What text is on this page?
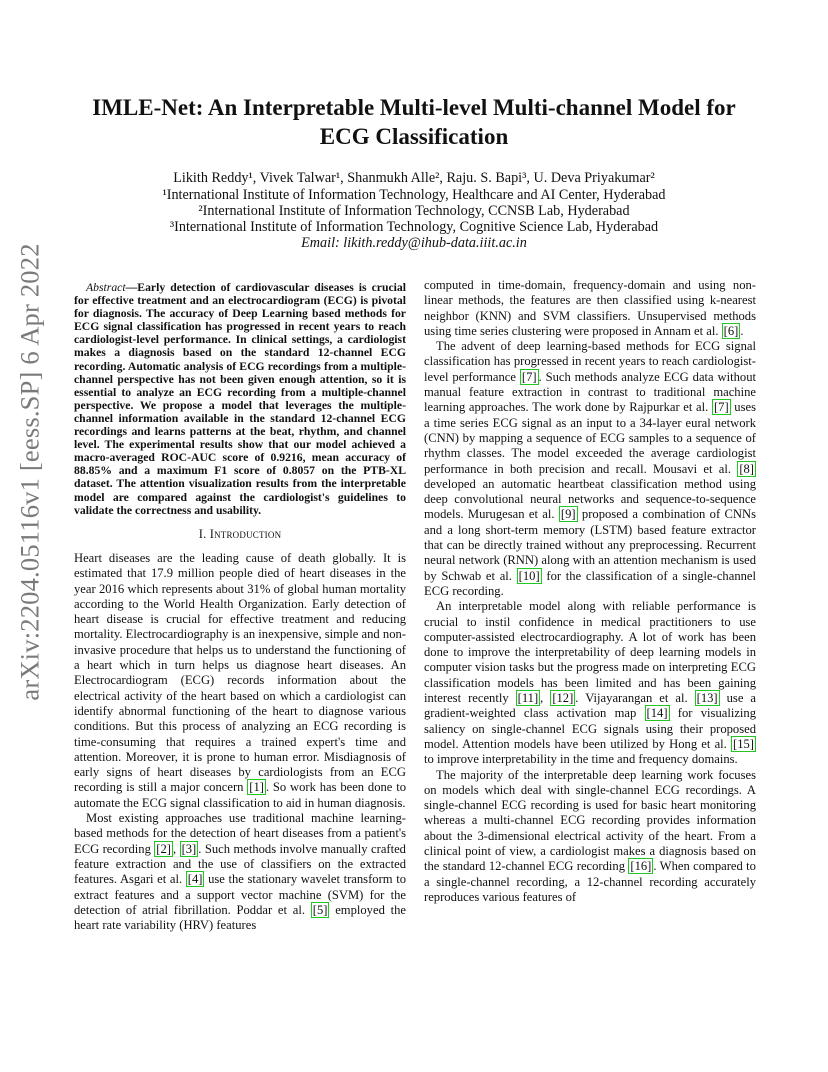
arXiv:2204.05116v1 [eess.SP] 6 Apr 2022
IMLE-Net: An Interpretable Multi-level Multi-channel Model for ECG Classification
Likith Reddy¹, Vivek Talwar¹, Shanmukh Alle², Raju. S. Bapi³, U. Deva Priyakumar²
¹International Institute of Information Technology, Healthcare and AI Center, Hyderabad
²International Institute of Information Technology, CCNSB Lab, Hyderabad
³International Institute of Information Technology, Cognitive Science Lab, Hyderabad
Email: likith.reddy@ihub-data.iiit.ac.in

Abstract—Early detection of cardiovascular diseases is crucial for effective treatment and an electrocardiogram (ECG) is pivotal for diagnosis. The accuracy of Deep Learning based methods for ECG signal classification has progressed in recent years to reach cardiologist-level performance. In clinical settings, a cardiologist makes a diagnosis based on the standard 12-channel ECG recording. Automatic analysis of ECG recordings from a multiple-channel perspective has not been given enough attention, so it is essential to analyze an ECG recording from a multiple-channel perspective. We propose a model that leverages the multiple-channel information available in the standard 12-channel ECG recordings and learns patterns at the beat, rhythm, and channel level. The experimental results show that our model achieved a macro-averaged ROC-AUC score of 0.9216, mean accuracy of 88.85% and a maximum F1 score of 0.8057 on the PTB-XL dataset. The attention visualization results from the interpretable model are compared against the cardiologist's guidelines to validate the correctness and usability.

I. Introduction

Heart diseases are the leading cause of death globally. It is estimated that 17.9 million people died of heart diseases in the year 2016 which represents about 31% of global human mortality according to the World Health Organization. Early detection of heart disease is crucial for effective treatment and reducing mortality. Electrocardiography is an inexpensive, simple and non-invasive procedure that helps us to understand the functioning of a heart which in turn helps us diagnose heart diseases. An Electrocardiogram (ECG) records information about the electrical activity of the heart based on which a cardiologist can identify abnormal functioning of the heart to diagnose various conditions. But this process of analyzing an ECG recording is time-consuming that requires a trained expert's time and attention. Moreover, it is prone to human error. Misdiagnosis of early signs of heart diseases by cardiologists from an ECG recording is still a major concern [1] . So work has been done to automate the ECG signal classification to aid in human diagnosis.

Most existing approaches use traditional machine learning-based methods for the detection of heart diseases from a patient's ECG recording [2] , [3] . Such methods involve manually crafted feature extraction and the use of classifiers on the extracted features. Asgari et al. [4] use the stationary wavelet transform to extract features and a support vector machine (SVM) for the detection of atrial fibrillation. Poddar et al. [5] employed the heart rate variability (HRV) features

computed in time-domain, frequency-domain and using non-linear methods, the features are then classified using k-nearest neighbor (KNN) and SVM classifiers. Unsupervised methods using time series clustering were proposed in Annam et al. [6] .

The advent of deep learning-based methods for ECG signal classification has progressed in recent years to reach cardiologist-level performance [7] . Such methods analyze ECG data without manual feature extraction in contrast to traditional machine learning approaches. The work done by Rajpurkar et al. [7] uses a time series ECG signal as an input to a 34-layer eural network (CNN) by mapping a sequence of ECG samples to a sequence of rhythm classes. The model exceeded the average cardiologist performance in both precision and recall. Mousavi et al. [8] developed an automatic heartbeat classification method using deep convolutional neural networks and sequence-to-sequence models. Murugesan et al. [9] proposed a combination of CNNs and a long short-term memory (LSTM) based feature extractor that can be directly trained without any preprocessing. Recurrent neural network (RNN) along with an attention mechanism is used by Schwab et al. [10] for the classification of a single-channel ECG recording.

An interpretable model along with reliable performance is crucial to instil confidence in medical practitioners to use computer-assisted electrocardiography. A lot of work has been done to improve the interpretability of deep learning models in computer vision tasks but the progress made on interpreting ECG classification models has been limited and has been gaining interest recently [11] , [12] . Vijayarangan et al. [13] use a gradient-weighted class activation map [14] for visualizing saliency on single-channel ECG signals using their proposed model. Attention models have been utilized by Hong et al. [15] to improve interpretability in the time and frequency domains.

The majority of the interpretable deep learning work focuses on models which deal with single-channel ECG recordings. A single-channel ECG recording is used for basic heart monitoring whereas a multi-channel ECG recording provides information about the 3-dimensional electrical activity of the heart. From a clinical point of view, a cardiologist makes a diagnosis based on the standard 12-channel ECG recording [16] . When compared to a single-channel recording, a 12-channel recording accurately reproduces various features of
